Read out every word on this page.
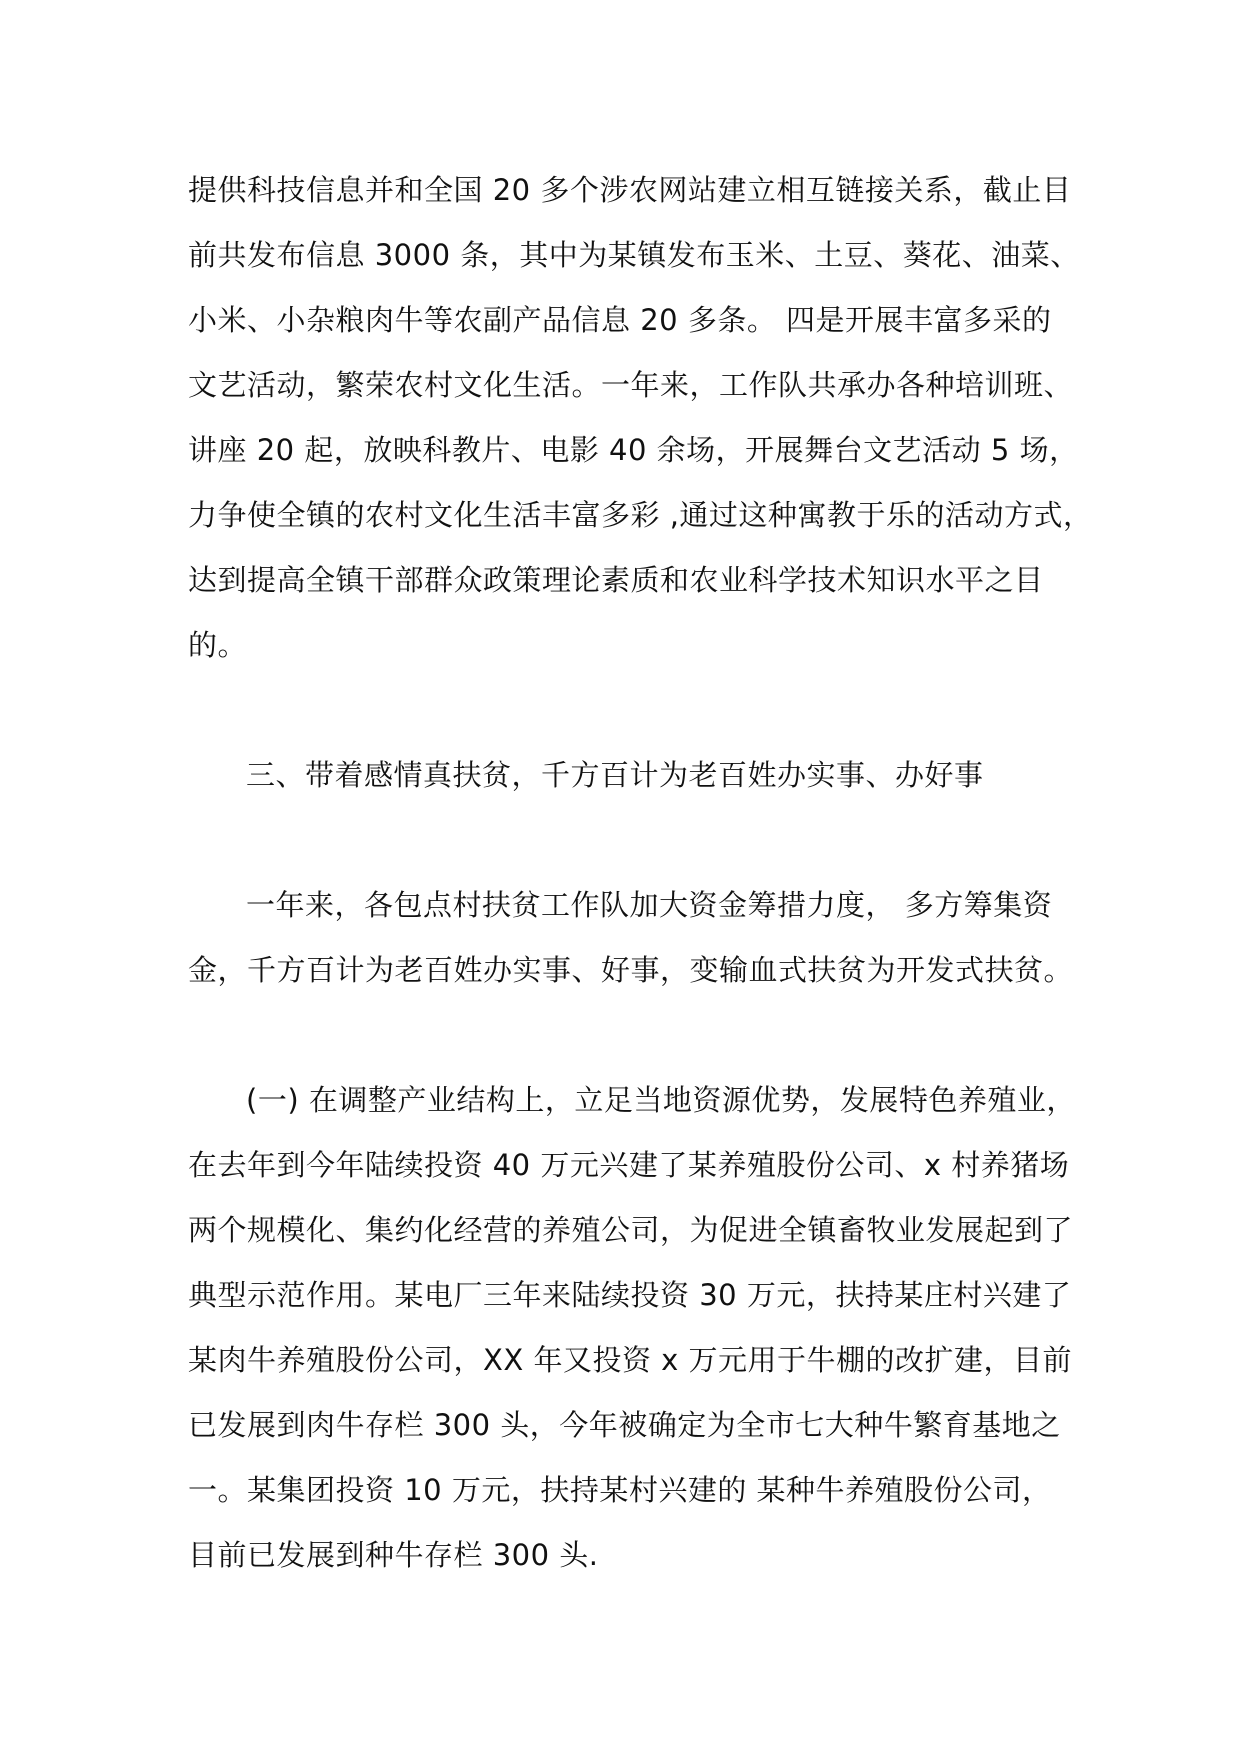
提供科技信息并和全国 20 多个涉农网站建立相互链接关系，截止目
前共发布信息 3000 条，其中为某镇发布玉米、土豆、葵花、油菜、
小米、小杂粮肉牛等农副产品信息 20 多条。 四是开展丰富多采的
文艺活动，繁荣农村文化生活。一年来，工作队共承办各种培训班、
讲座 20 起，放映科教片、电影 40 余场，开展舞台文艺活动 5 场，
力争使全镇的农村文化生活丰富多彩 ,通过这种寓教于乐的活动方式，
达到提高全镇干部群众政策理论素质和农业科学技术知识水平之目
的。
三、带着感情真扶贫，千方百计为老百姓办实事、办好事
一年来，各包点村扶贫工作队加大资金筹措力度， 多方筹集资
金，千方百计为老百姓办实事、好事，变输血式扶贫为开发式扶贫。
(一) 在调整产业结构上，立足当地资源优势，发展特色养殖业，
在去年到今年陆续投资 40 万元兴建了某养殖股份公司、x 村养猪场
两个规模化、集约化经营的养殖公司，为促进全镇畜牧业发展起到了
典型示范作用。某电厂三年来陆续投资 30 万元，扶持某庄村兴建了
某肉牛养殖股份公司，XX 年又投资 x 万元用于牛棚的改扩建，目前
已发展到肉牛存栏 300 头，今年被确定为全市七大种牛繁育基地之
一。某集团投资 10 万元，扶持某村兴建的 某种牛养殖股份公司，
目前已发展到种牛存栏 300 头.
